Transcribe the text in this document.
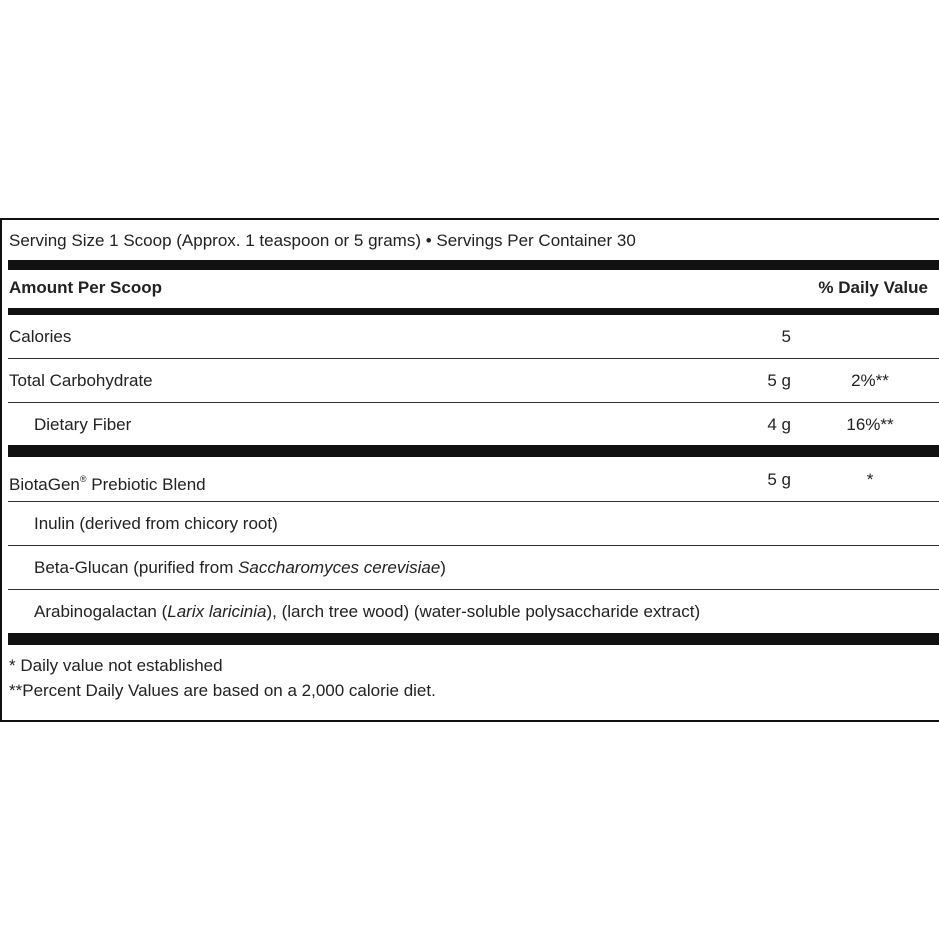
Serving Size 1 Scoop (Approx. 1 teaspoon or 5 grams) • Servings Per Container 30
Amount Per Scoop	% Daily Value
Calories	5
Total Carbohydrate	5 g	2%**
Dietary Fiber	4 g	16%**
BiotaGen® Prebiotic Blend	5 g	*
Inulin (derived from chicory root)
Beta-Glucan (purified from Saccharomyces cerevisiae)
Arabinogalactan (Larix laricinia), (larch tree wood) (water-soluble polysaccharide extract)
* Daily value not established
**Percent Daily Values are based on a 2,000 calorie diet.
